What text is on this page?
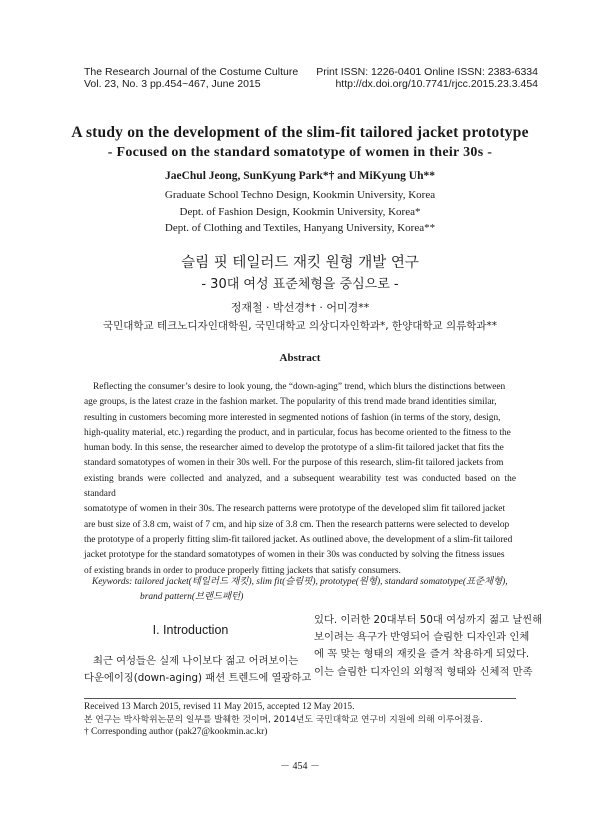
The Research Journal of the Costume Culture
Vol. 23, No. 3 pp.454~467, June 2015
Print ISSN: 1226-0401 Online ISSN: 2383-6334
http://dx.doi.org/10.7741/rjcc.2015.23.3.454
A study on the development of the slim-fit tailored jacket prototype
- Focused on the standard somatotype of women in their 30s -
JaeChul Jeong, SunKyung Park*† and MiKyung Uh**
Graduate School Techno Design, Kookmin University, Korea
Dept. of Fashion Design, Kookmin University, Korea*
Dept. of Clothing and Textiles, Hanyang University, Korea**
슬림 핏 테일러드 재킷 원형 개발 연구
- 30대 여성 표준체형을 중심으로 -
정재철 · 박선경*† · 어미경**
국민대학교 테크노디자인대학원, 국민대학교 의상디자인학과*, 한양대학교 의류학과**
Abstract
Reflecting the consumer’s desire to look young, the “down-aging” trend, which blurs the distinctions between
age groups, is the latest craze in the fashion market. The popularity of this trend made brand identities similar,
resulting in customers becoming more interested in segmented notions of fashion (in terms of the story, design,
high-quality material, etc.) regarding the product, and in particular, focus has become oriented to the fitness to the
human body. In this sense, the researcher aimed to develop the prototype of a slim-fit tailored jacket that fits the
standard somatotypes of women in their 30s well. For the purpose of this research, slim-fit tailored jackets from
existing brands were collected and analyzed, and a subsequent wearability test was conducted based on the standard
somatotype of women in their 30s. The research patterns were prototype of the developed slim fit tailored jacket
are bust size of 3.8 cm, waist of 7 cm, and hip size of 3.8 cm. Then the research patterns were selected to develop
the prototype of a properly fitting slim-fit tailored jacket. As outlined above, the development of a slim-fit tailored
jacket prototype for the standard somatotypes of women in their 30s was conducted by solving the fitness issues
of existing brands in order to produce properly fitting jackets that satisfy consumers.
Keywords: tailored jacket(테일러드 재킷), slim fit(슬림핏), prototype(원형), standard somatotype(표준체형),
brand pattern(브랜드패턴)
I. Introduction
최근 여성들은 실제 나이보다 젊고 어려보이는
다운에이징(down-aging) 패션 트렌드에 열광하고
있다. 이러한 20대부터 50대 여성까지 젊고 날씬해
보이려는 욕구가 반영되어 슬림한 디자인과 인체
에 꼭 맞는 형태의 재킷을 즐겨 착용하게 되었다.
이는 슬림한 디자인의 외형적 형태와 신체적 만족
Received 13 March 2015, revised 11 May 2015, accepted 12 May 2015.
본 연구는 박사학위논문의 일부를 발췌한 것이며, 2014년도 국민대학교 연구비 지원에 의해 이루어졌음.
† Corresponding author (pak27@kookmin.ac.kr)
－ 454 －
